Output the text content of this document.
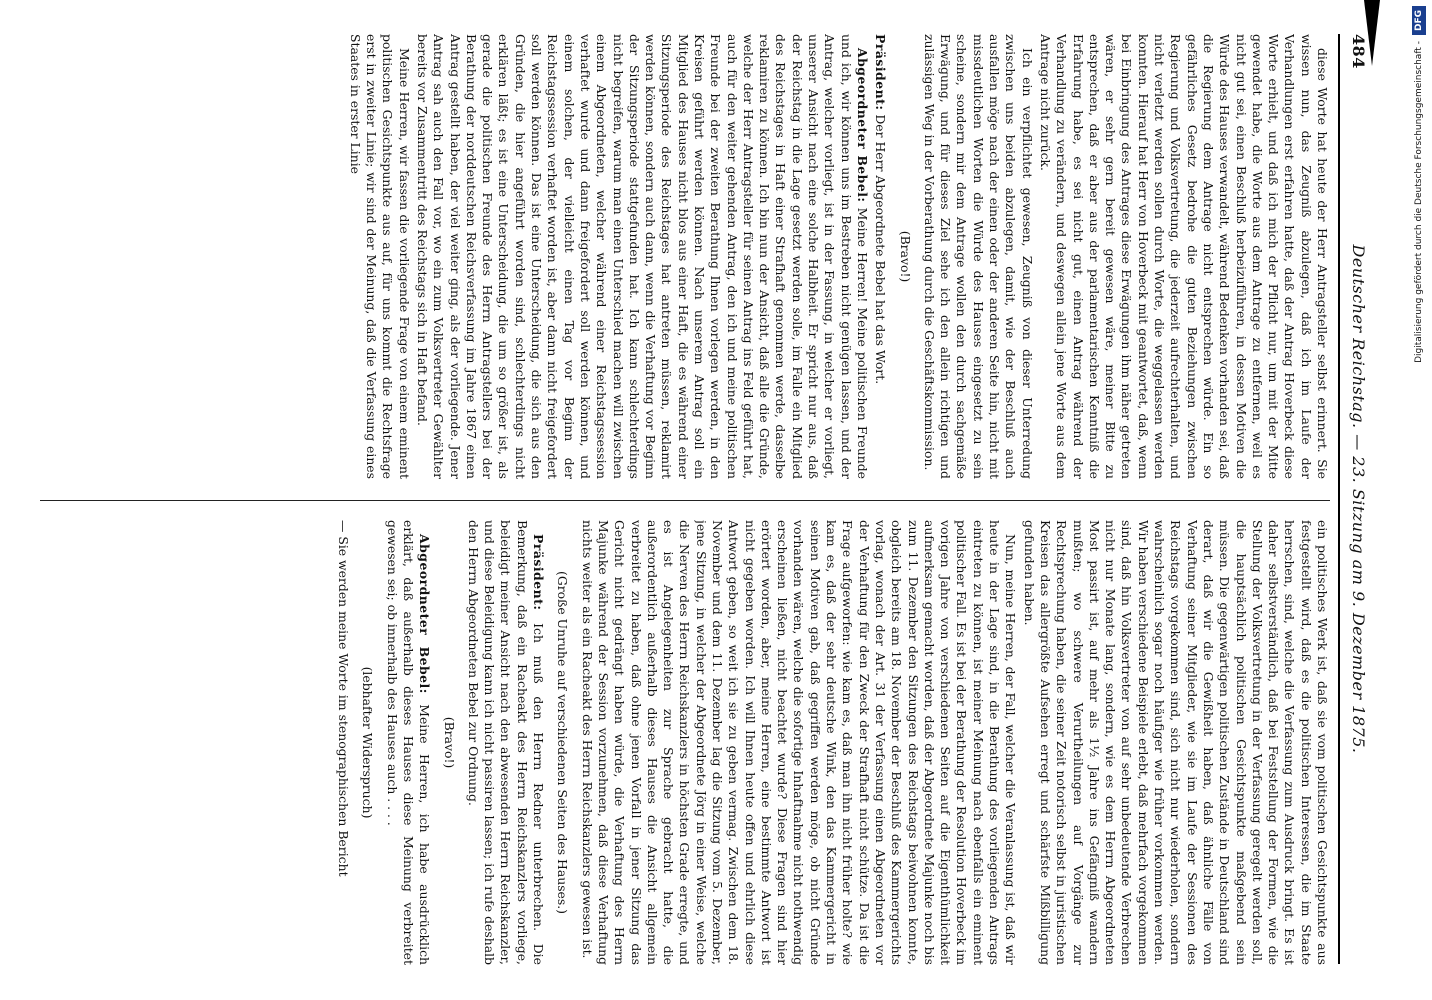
484
Deutscher Reichstag. — 23. Sitzung am 9. Dezember 1875.

diese Worte hat heute der Herr Antragsteller selbst erinnert. Sie wissen nun, das Zeugniß abzulegen, daß ich im Laufe der Verhandlungen erst erfahren hatte, daß der Antrag Hoverbeck diese Worte erhielt, und daß ich mich der Pflicht nur, um mit der Mitte gewendet habe, die Worte aus dem Antrage zu entfernen, weil es nicht gut sei, einen Beschluß herbeizuführen, in dessen Motiven die Würde des Hauses verwandelt, während Bedenken vorhanden sei, daß die Regierung dem Antrage nicht entsprechen würde. Ein so gefährliches Gesetz bedrohe die guten Beziehungen zwischen Regierung und Volksvertretung, die jederzeit aufrechterhalten, und nicht verletzt werden sollen durch Worte, die weggelassen werden konnten. Hierauf hat Herr von Hoverbeck mit geantwortet, daß, wenn bei Einbringung des Antrages diese Erwägungen ihm näher getreten wären, er sehr gern bereit gewesen wäre, meiner Bitte zu entsprechen, daß er aber aus der parlamentarischen Kenntniß die Erfahrung habe, es sei nicht gut, einen Antrag während der Verhandlung zu verändern, und deswegen allein jene Worte aus dem Antrage nicht zurück.

Ich ein verpflichtet gewesen, Zeugniß von dieser Unterredung zwischen uns beiden abzulegen, damit, wie der Beschluß auch ausfallen möge nach der einen oder der anderen Seite hin, nicht mit missdeutlichen Worten die Würde des Hauses eingesetzt zu sein scheine, sondern mir dem Antrage wollen den durch sachgemäße Erwägung, und für dieses Ziel sehe ich den allein richtigen und zulässigen Weg in der Vorberathung durch die Geschäftskommission.

(Bravo!)

Präsident: Der Herr Abgeordnete Bebel hat das Wort.

Abgeordneter Bebel: Meine Herren! Meine politischen Freunde und ich, wir können uns im Bestreben nicht genügen lassen, und der Antrag, welcher vorliegt, ist in der Fassung, in welcher er vorliegt, unserer Ansicht nach eine solche Halbheit. Er spricht nur aus, daß der Reichstag in die Lage gesetzt werden solle, im Falle ein Mitglied des Reichstages in Haft einer Strafhaft genommen werde, dasselbe reklamiren zu können. Ich bin nun der Ansicht, daß alle die Gründe, welche der Herr Antragsteller für seinen Antrag ins Feld geführt hat, auch für den weiter gehenden Antrag, den ich und meine politischen Freunde bei der zweiten Berathung Ihnen vorlegen werden, in den Kreisen geführt werden können. Nach unserem Antrag soll ein Mitglied des Hauses nicht blos aus einer Haft, die es während einer Sitzungsperiode des Reichstages hat antreten müssen, reklamirt werden können, sondern auch dann, wenn die Verhaftung vor Beginn der Sitzungsperiode stattgefunden hat. Ich kann schlechterdings nicht begreifen, warum man einen Unterschied machen will zwischen einem Abgeordneten, welcher während einer Reichstagssession verhaftet wurde und dann freigefordert soll werden können, und einem solchen, der vielleicht einen Tag vor Beginn der Reichstagssession verhaftet worden ist, aber dann nicht freigefordert soll werden können. Das ist eine Unterscheidung, die sich aus den Gründen, die hier angeführt worden sind, schlechterdings nicht erklären läßt; es ist eine Unterscheidung, die um so größer ist, als gerade die politischen Freunde des Herrn Antragstellers bei der Berathung der norddeutschen Reichsverfassung im Jahre 1867 einen Antrag gestellt haben, der viel weiter ging, als der vorliegende. Jener Antrag sah auch den Fall vor, wo ein zum Volksvertreter Gewählter bereits vor Zusammentritt des Reichstags sich in Haft befand.

Meine Herren, wir fassen die vorliegende Frage von einem eminent politischen Gesichtspunkte aus auf, für uns kommt die Rechtsfrage erst in zweiter Linie; wir sind der Meinung, daß die Verfassung eines Staates in erster Linie

ein politisches Werk ist, daß sie vom politischen Gesichtspunkte aus festgestellt wird, daß es die politischen Interessen, die im Staate herrschen, sind, welche die Verfassung zum Ausdruck bringt. Es ist daher selbstverständlich, daß bei Feststellung der Formen, wie die Stellung der Volksvertretung in der Verfassung geregelt werden soll, die hauptsächlich politischen Gesichtspunkte maßgebend sein müssen. Die gegenwärtigen politischen Zustände in Deutschland sind derart, daß wir die Gewißheit haben, daß ähnliche Fälle von Verhaftung seiner Mitglieder, wie sie im Laufe der Sessionen des Reichstags vorgekommen sind, sich nicht nur wiederholen, sondern wahrscheinlich sogar noch häufiger wie früher vorkommen werden. Wir haben verschiedene Beispiele erlebt, daß mehrfach vorgekommen sind, daß hin Volksvertreter von auf sehr unbedeutende Verbrechen nicht nur Monate lang, sondern, wie es dem Herrn Abgeordneten Most passirt ist, auf mehr als 1½ Jahre ins Gefängniß wandern mußten; wo schwere Verurtheilungen auf Vorgänge zur Rechtsprechung haben, die seiner Zeit notorisch selbst in juristischen Kreisen das allergrößte Aufsehen erregt und schärfste Mißbilligung gefunden haben.

Nun, meine Herren, der Fall, welcher die Veranlassung ist, daß wir heute in der Lage sind, in die Berathung des vorliegenden Antrags eintreten zu können, ist meiner Meinung nach ebenfalls ein eminent politischer Fall. Es ist bei der Berathung der Resolution Hoverbeck im vorigen Jahre von verschiedenen Seiten auf die Eigenthümlichkeit aufmerksam gemacht worden, daß der Abgeordnete Majunke noch bis zum 11. Dezember den Sitzungen des Reichstags beiwohnen konnte, obgleich bereits am 18. November der Beschluß des Kammergerichts vorlag, wonach der Art. 31 der Verfassung einen Abgeordneten vor der Verhaftung für den Zweck der Strafhaft nicht schütze. Da ist die Frage aufgeworfen: wie kam es, daß man ihn nicht früher holte? wie kam es, daß der sehr deutsche Wink, den das Kammergericht in seinen Motiven gab, daß gegriffen werden möge, ob nicht Gründe vorhanden wären, welche die sofortige Inhaftnahme nicht nothwendig erscheinen ließen, nicht beachtet wurde? Diese Fragen sind hier erörtert worden, aber, meine Herren, eine bestimmte Antwort ist nicht gegeben worden. Ich will Ihnen heute offen und ehrlich diese Antwort geben, so weit ich sie zu geben vermag. Zwischen dem 18. November und dem 11. Dezember lag die Sitzung vom 5. Dezember, jene Sitzung, in welcher der Abgeordnete Jörg in einer Weise, welche die Nerven des Herrn Reichskanzlers in höchsten Grade erregte, und es ist Angelegenheiten zur Sprache gebracht hatte, die außerordentlich außerhalb dieses Hauses die Ansicht allgemein verbreitet zu haben, daß ohne jenen Vorfall in jener Sitzung das Gericht nicht gedrängt haben würde, die Verhaftung des Herrn Majunke während der Session vorzunehmen, daß diese Verhaftung nichts weiter als ein Racheakt des Herrn Reichskanzlers gewesen ist.

(Große Unruhe auf verschiedenen Seiten des Hauses.)

Präsident: Ich muß den Herrn Redner unterbrechen. Die Bemerkung, daß ein Racheakt des Herrn Reichskanzlers vorliege, beleidigt meiner Ansicht nach den abwesenden Herrn Reichskanzler, und diese Beleidigung kann ich nicht passiren lassen; ich rufe deshalb den Herrn Abgeordneten Bebel zur Ordnung.

(Bravo!)

Abgeordneter Bebel: Meine Herren, ich habe ausdrücklich erklärt, daß außerhalb dieses Hauses diese Meinung verbreitet gewesen sei; ob innerhalb des Hauses auch . . . .

(lebhafter Widerspruch)

— Sie werden meine Worte im stenographischen Bericht

Digitalisierung gefördert durch die Deutsche Forschungsgemeinschaft -DFG
